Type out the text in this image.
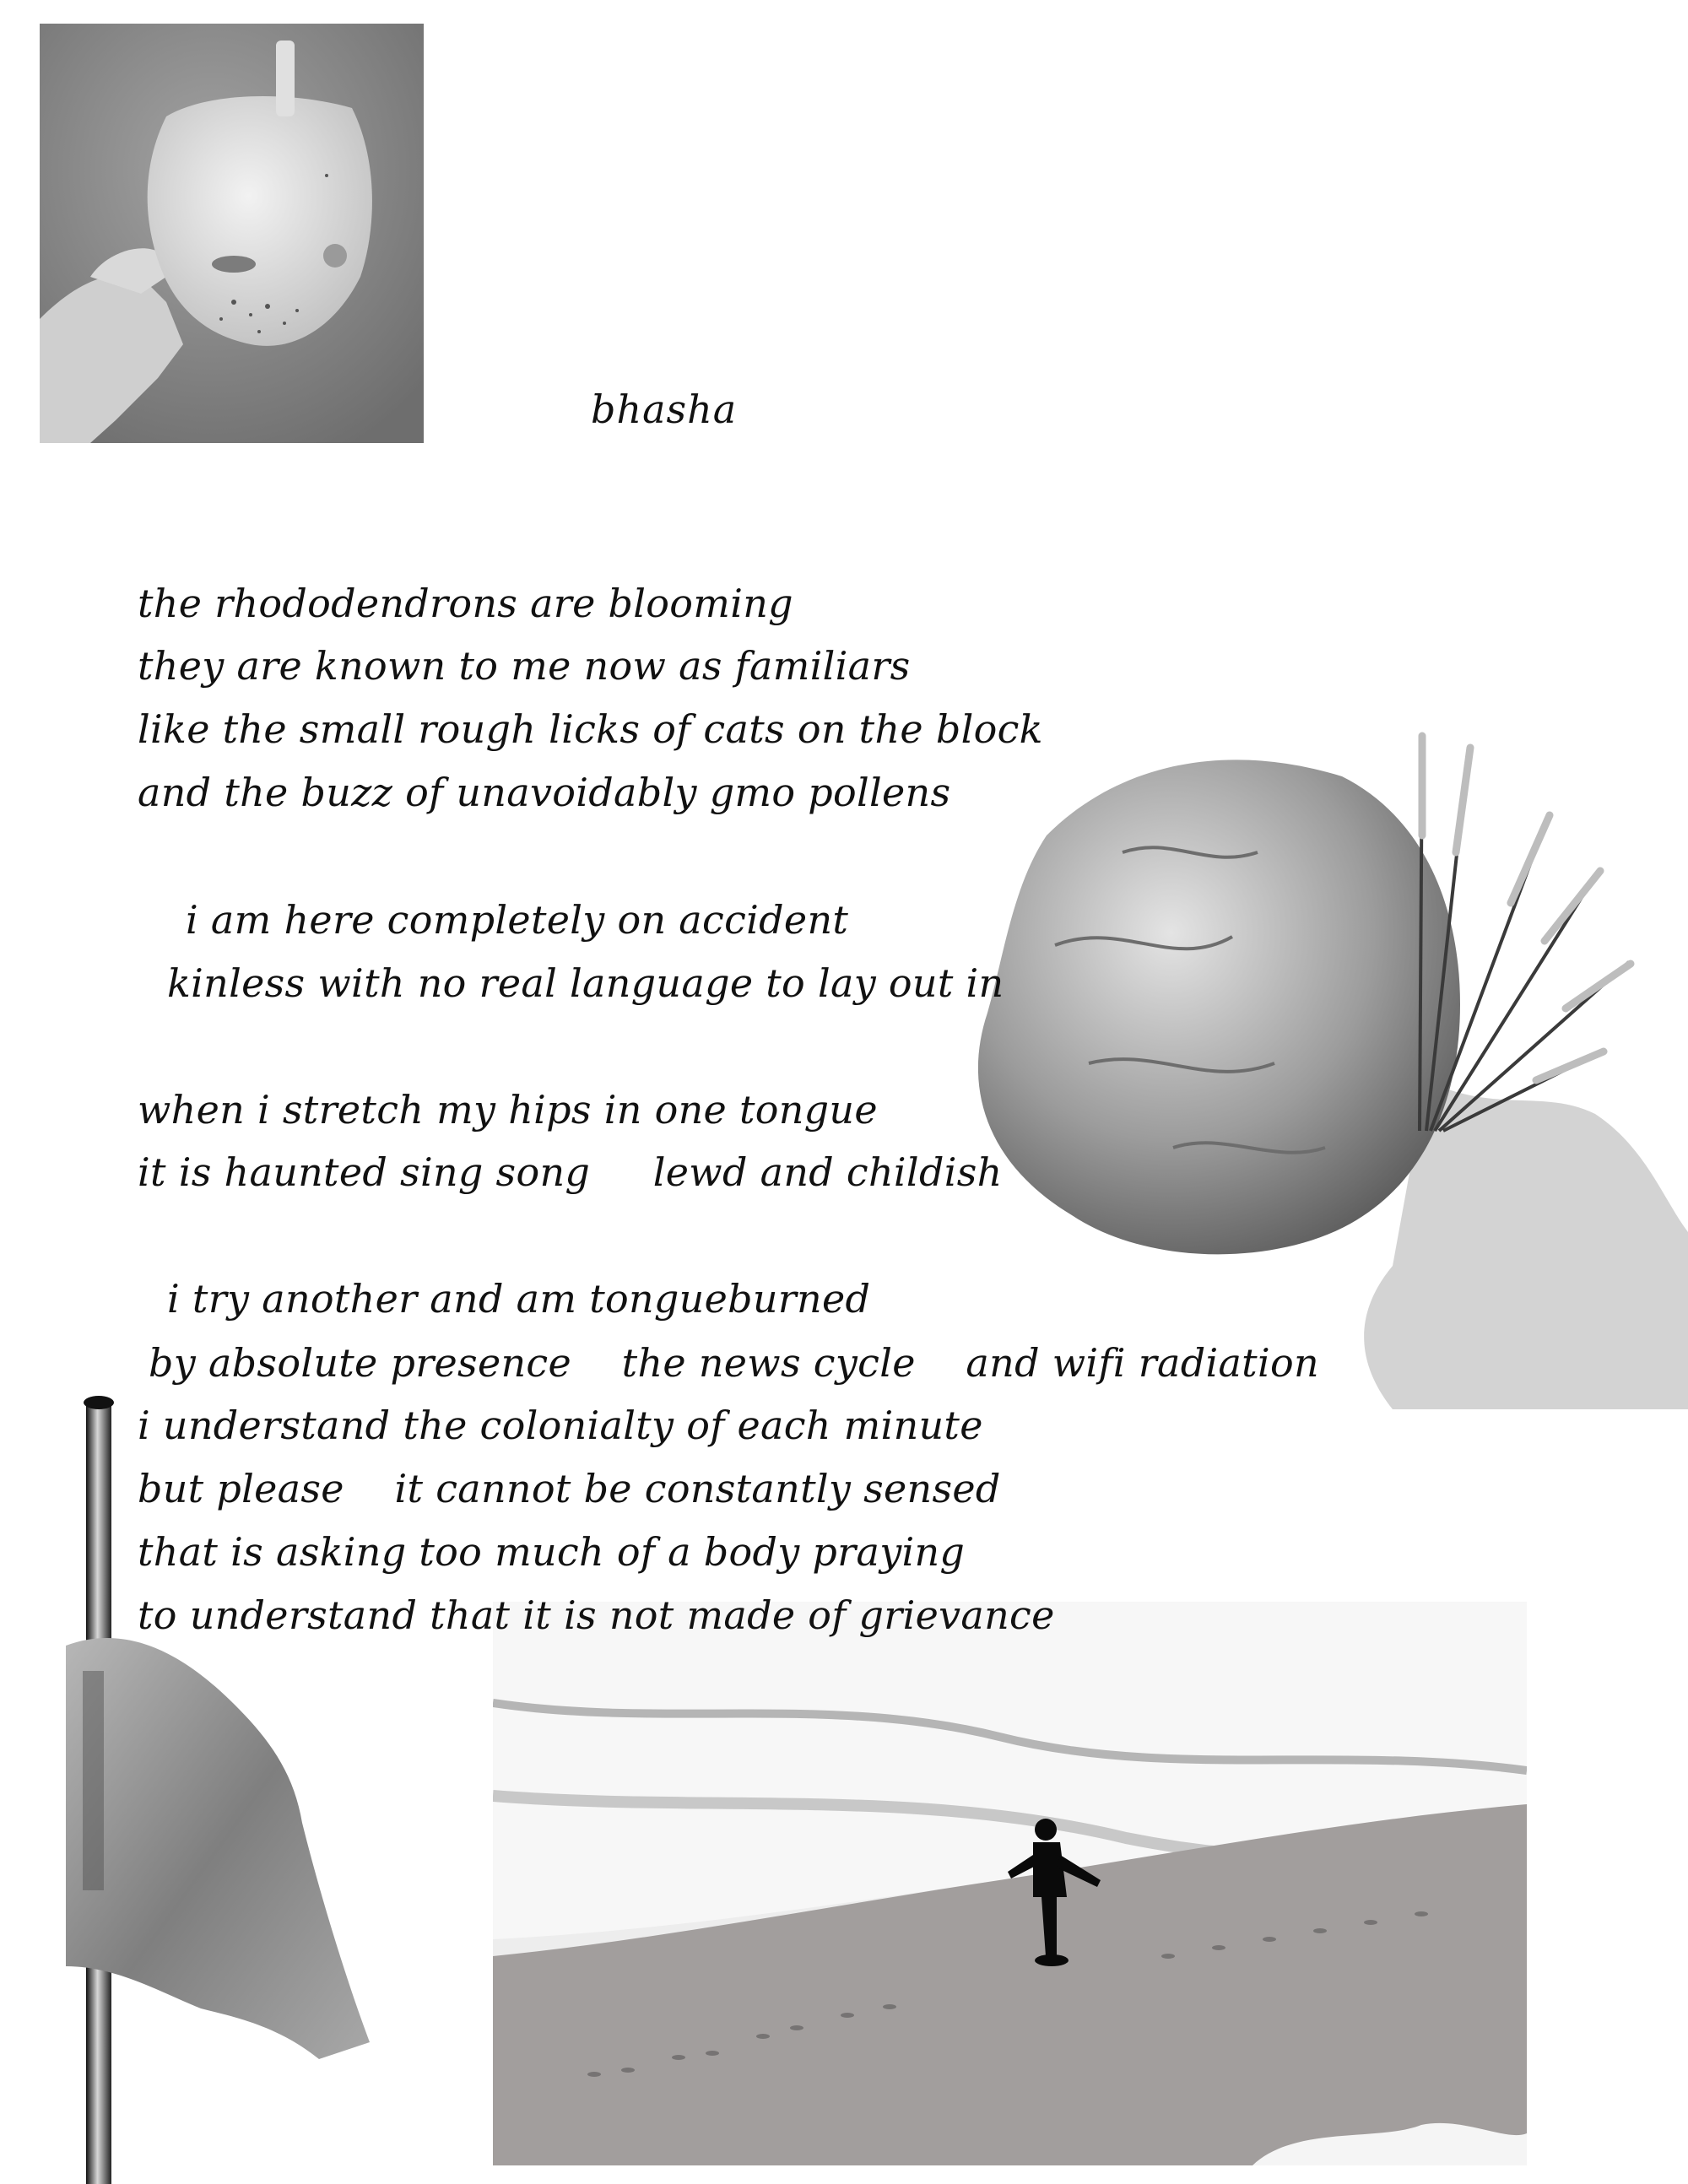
bhasha
the rhododendrons are blooming
they are known to me now as familiars
like the small rough licks of cats on the block
and the buzz of unavoidably gmo pollens
i am here completely on accident
kinless with no real language to lay out in
when i stretch my hips in one tongue
it is haunted sing song     lewd and childish
i try another and am tongueburned
by absolute presence    the news cycle    and wifi radiation
i understand the colonialty of each minute
but please    it cannot be constantly sensed
that is asking too much of a body praying
to understand that it is not made of grievance
